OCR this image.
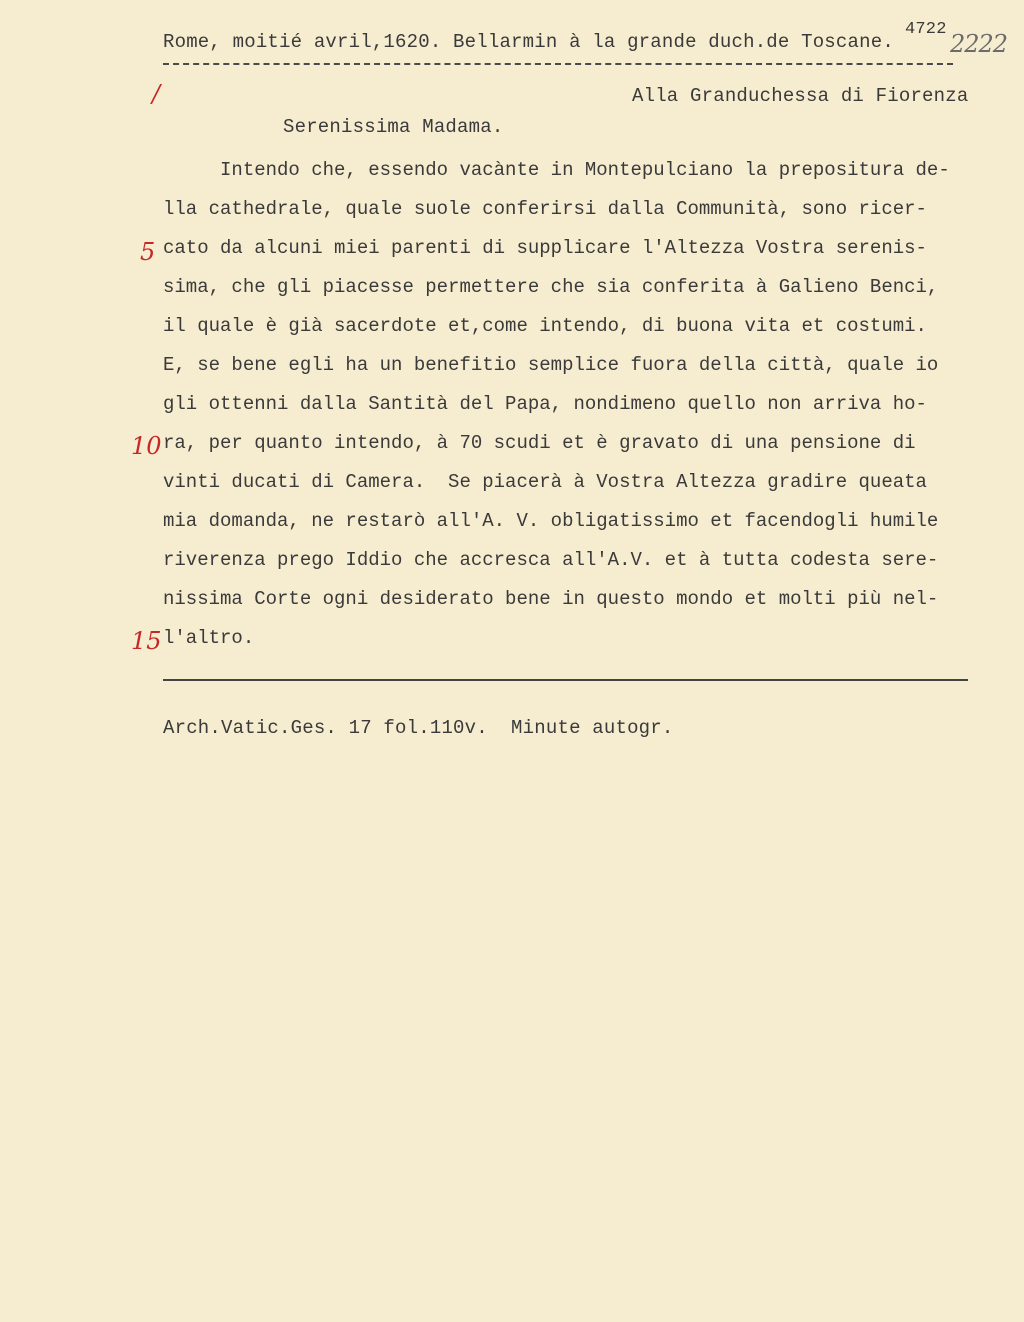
Rome, moitié avril,1620. Bellarmin à la grande duch.de Toscane.
4722
2222
/
5
10
15
Alla Granduchessa di Fiorenza
Serenissima Madama.
Intendo che, essendo vacànte in Montepulciano la prepositura de-
lla cathedrale, quale suole conferirsi dalla Communità, sono ricer-
cato da alcuni miei parenti di supplicare l'Altezza Vostra serenis-
sima, che gli piacesse permettere che sia conferita à Galieno Benci,
il quale è già sacerdote et,come intendo, di buona vita et costumi.
E, se bene egli ha un benefitio semplice fuora della città, quale io
gli ottenni dalla Santità del Papa, nondimeno quello non arriva ho-
ra, per quanto intendo, à 70 scudi et è gravato di una pensione di
vinti ducati di Camera.  Se piacerà à Vostra Altezza gradire queata
mia domanda, ne restarò all'A. V. obligatissimo et facendogli humile
riverenza prego Iddio che accresca all'A.V. et à tutta codesta sere-
nissima Corte ogni desiderato bene in questo mondo et molti più nel-
l'altro.
Arch.Vatic.Ges. 17 fol.110v.  Minute autogr.
